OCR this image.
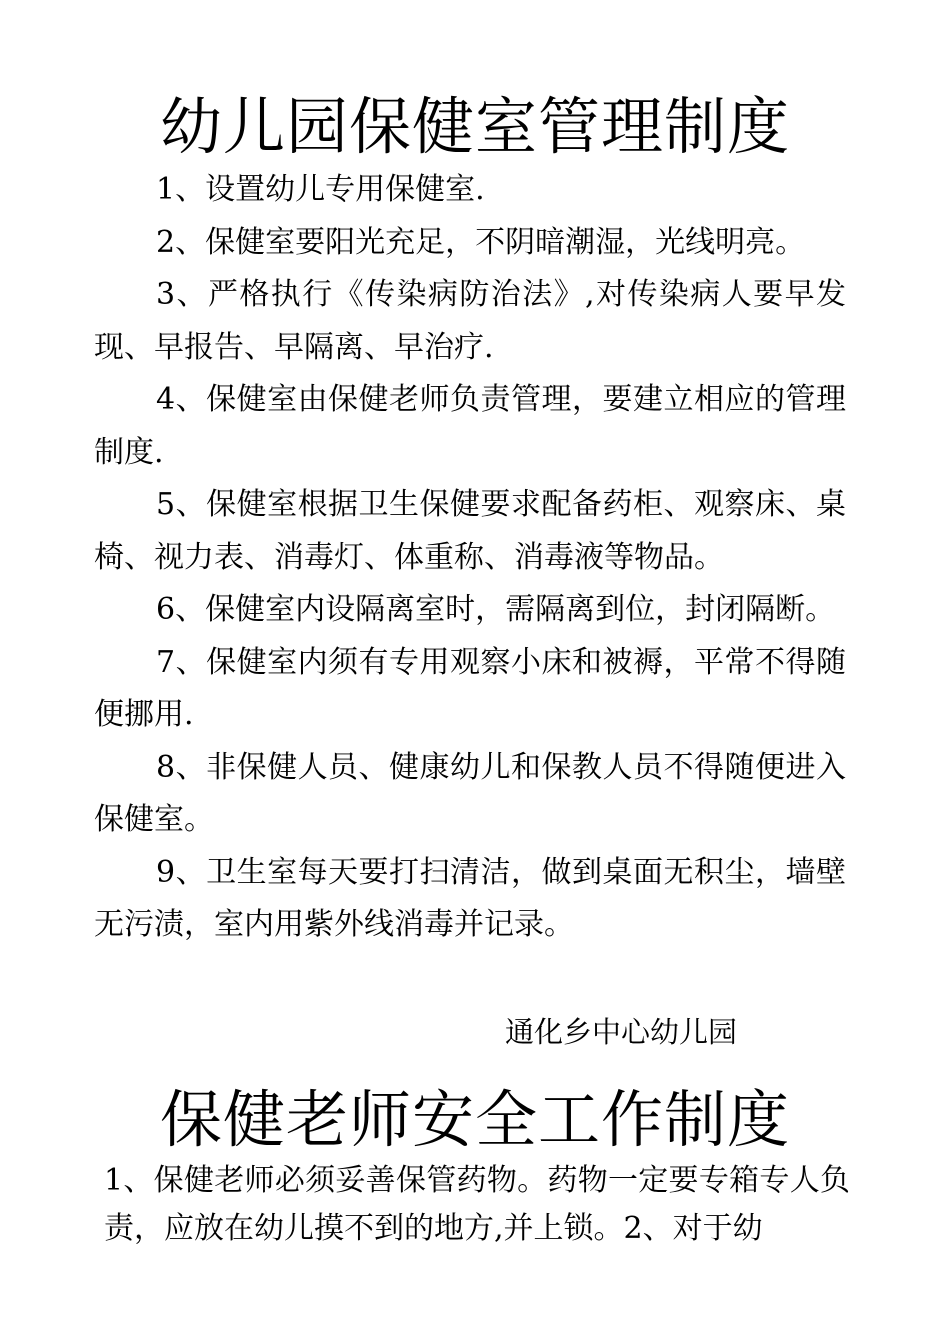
幼儿园保健室管理制度

1、设置幼儿专用保健室.

2、保健室要阳光充足，不阴暗潮湿，光线明亮。

3、严格执行《传染病防治法》,对传染病人要早发现、早报告、早隔离、早治疗.

4、保健室由保健老师负责管理，要建立相应的管理制度.

5、保健室根据卫生保健要求配备药柜、观察床、桌椅、视力表、消毒灯、体重称、消毒液等物品。

6、保健室内设隔离室时，需隔离到位，封闭隔断。

7、保健室内须有专用观察小床和被褥，平常不得随便挪用.

8、非保健人员、健康幼儿和保教人员不得随便进入保健室。

9、卫生室每天要打扫清洁，做到桌面无积尘，墙壁无污渍，室内用紫外线消毒并记录。

通化乡中心幼儿园
保健老师安全工作制度

1、保健老师必须妥善保管药物。药物一定要专箱专人负责，应放在幼儿摸不到的地方,并上锁。2、对于幼
